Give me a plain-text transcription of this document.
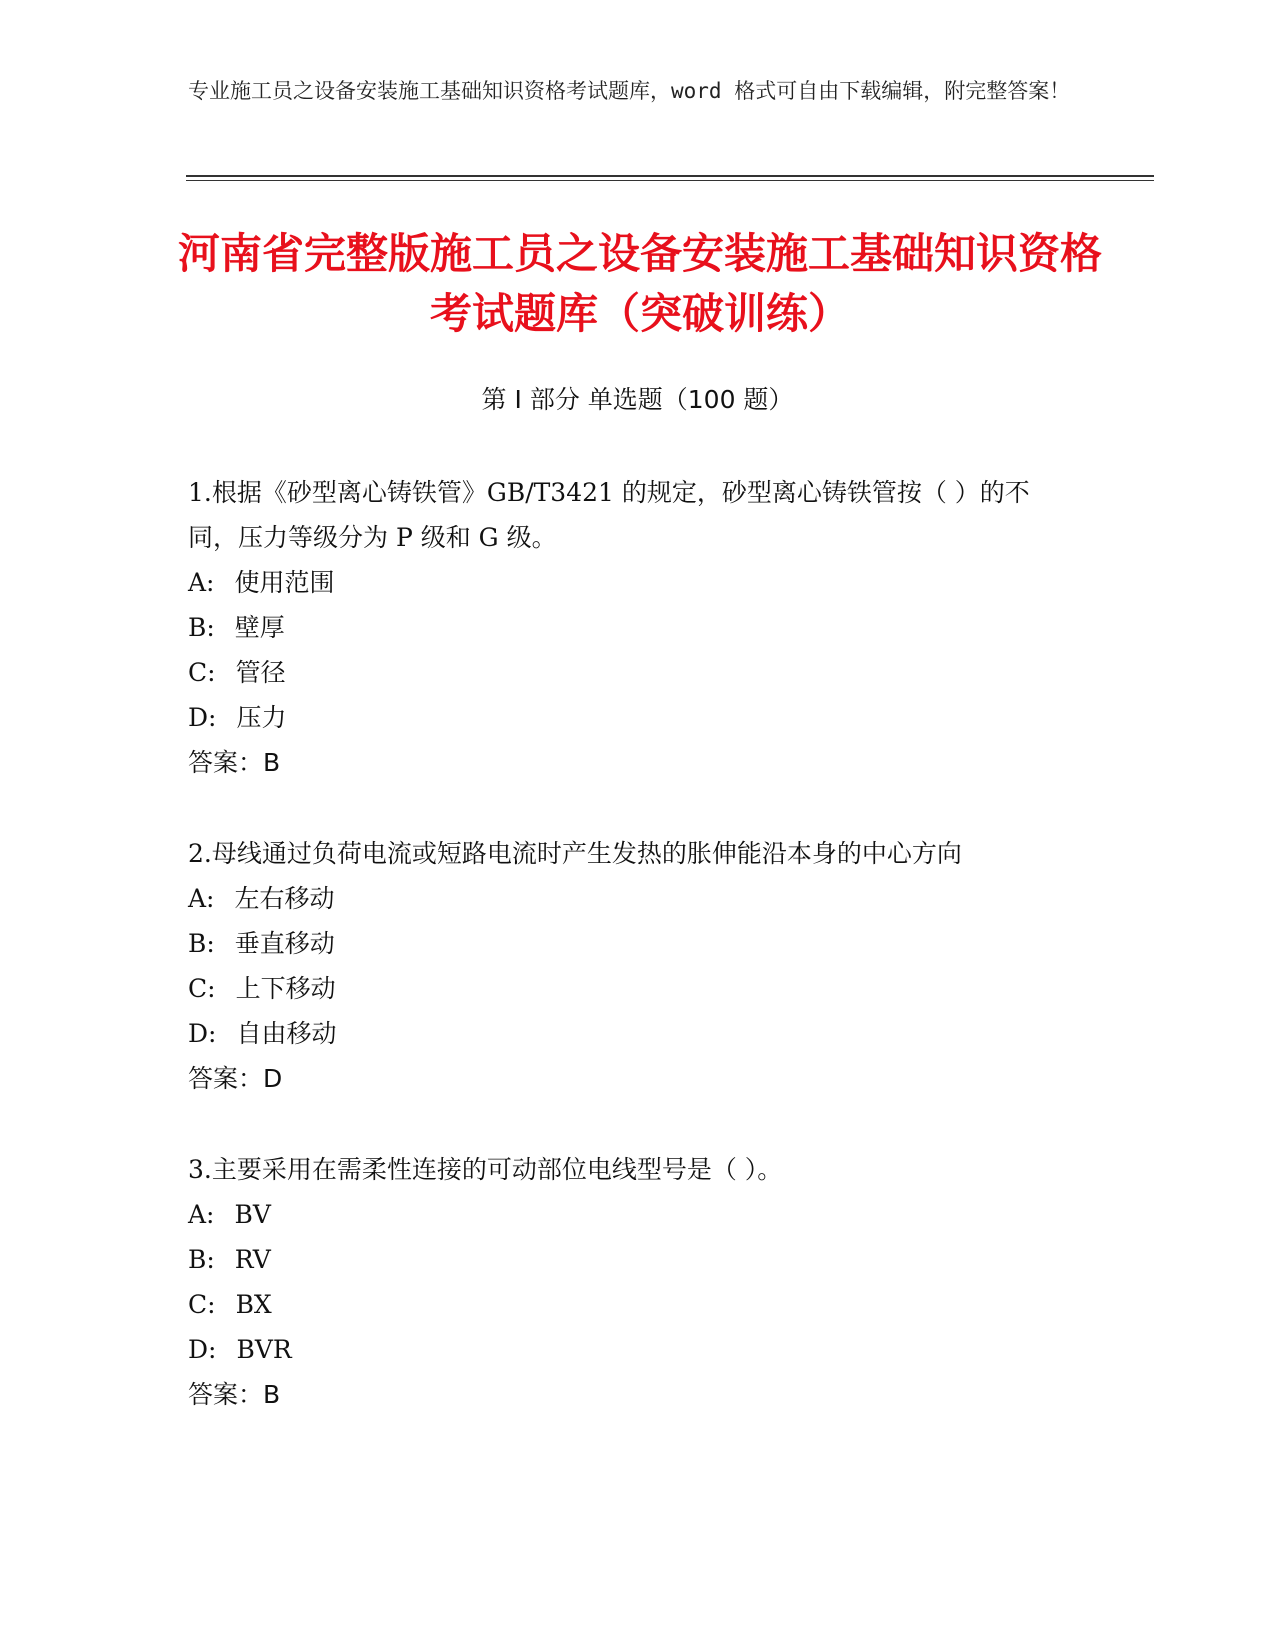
专业施工员之设备安装施工基础知识资格考试题库，word 格式可自由下载编辑，附完整答案！
河南省完整版施工员之设备安装施工基础知识资格考试题库（突破训练）
第 I 部分 单选题（100 题）
1.根据《砂型离心铸铁管》GB/T3421 的规定，砂型离心铸铁管按（ ）的不同，压力等级分为 P 级和 G 级。
A: 使用范围
B: 壁厚
C: 管径
D: 压力
答案：B
2.母线通过负荷电流或短路电流时产生发热的胀伸能沿本身的中心方向
A: 左右移动
B: 垂直移动
C: 上下移动
D: 自由移动
答案：D
3.主要采用在需柔性连接的可动部位电线型号是（ ）。
A: BV
B: RV
C: BX
D: BVR
答案：B
